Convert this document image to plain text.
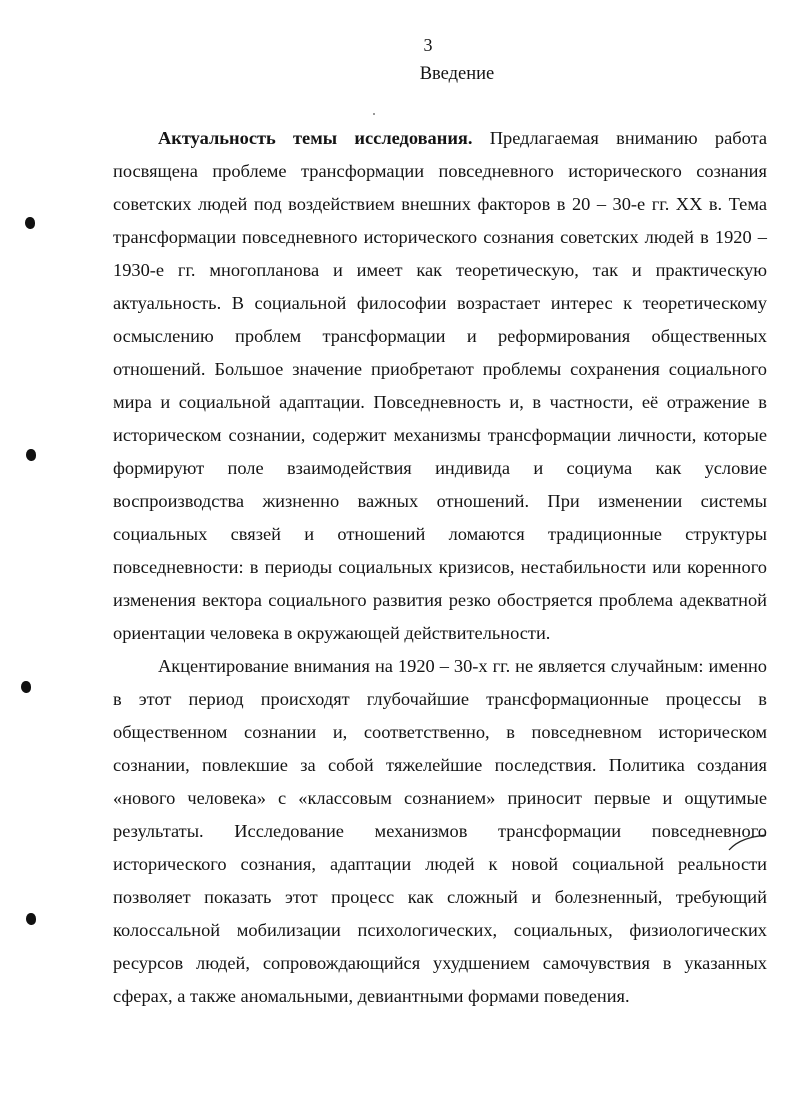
3
Введение

Актуальность темы исследования. Предлагаемая вниманию работа посвящена проблеме трансформации повседневного исторического сознания советских людей под воздействием внешних факторов в 20 – 30-е гг. XX в. Тема трансформации повседневного исторического сознания советских людей в 1920 – 1930-е гг. многопланова и имеет как теоретическую, так и практическую актуальность. В социальной философии возрастает интерес к теоретическому осмыслению проблем трансформации и реформирования общественных отношений. Большое значение приобретают проблемы сохранения социального мира и социальной адаптации. Повседневность и, в частности, её отражение в историческом сознании, содержит механизмы трансформации личности, которые формируют поле взаимодействия индивида и социума как условие воспроизводства жизненно важных отношений. При изменении системы социальных связей и отношений ломаются традиционные структуры повседневности: в периоды социальных кризисов, нестабильности или коренного изменения вектора социального развития резко обостряется проблема адекватной ориентации человека в окружающей действительности.

Акцентирование внимания на 1920 – 30-х гг. не является случайным: именно в этот период происходят глубочайшие трансформационные процессы в общественном сознании и, соответственно, в повседневном историческом сознании, повлекшие за собой тяжелейшие последствия. Политика создания «нового человека» с «классовым сознанием» приносит первые и ощутимые результаты. Исследование механизмов трансформации повседневного исторического сознания, адаптации людей к новой социальной реальности позволяет показать этот процесс как сложный и болезненный, требующий колоссальной мобилизации психологических, социальных, физиологических ресурсов людей, сопровождающийся ухудшением самочувствия в указанных сферах, а также аномальными, девиантными формами поведения.
